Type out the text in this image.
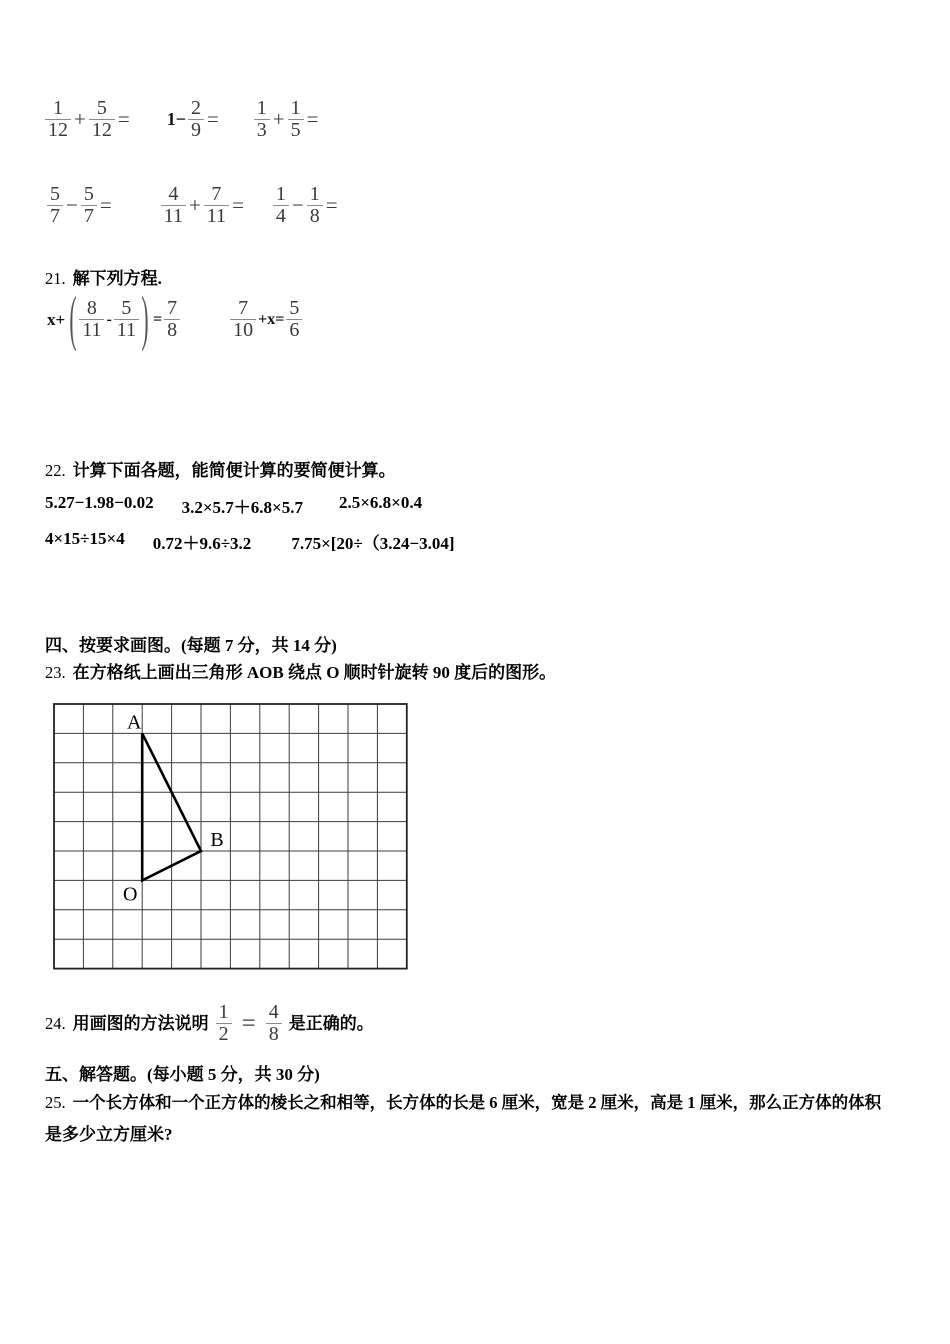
$\frac{1}{12} + \frac{5}{12} = 1- \frac{2}{9} = \frac{1}{3} + \frac{1}{5}$ =
$\frac{5}{7} - \frac{5}{7} = \frac{4}{11} + \frac{7}{11} = \frac{1}{4} - \frac{1}{8}$ =
21. 解下列方程.
x+ ( $\frac{8}{11} - \frac{5}{11}$ ) = $\frac{7}{8}$
	$\frac{7}{10} +x= \frac{5}{6}$
22. 计算下面各题，能简便计算的要简便计算。
5.27−1.98−0.02 3.2×5.7＋6.8×5.7 2.5×6.8×0.4
4×15÷15×4 0.72＋9.6÷3.2 7.75×[20÷（3.24−3.04]
四、按要求画图。(每题 7 分，共 14 分)
23. 在方格纸上画出三角形 AOB 绕点 O 顺时针旋转 90 度后的图形。
A
B
O
24. 用画图的方法说明 $\frac{1}{2} = \frac{4}{8}$ 是正确的。
五、解答题。(每小题 5 分，共 30 分)
25. 一个长方体和一个正方体的棱长之和相等，长方体的长是 6 厘米，宽是 2 厘米，高是 1 厘米，那么正方体的体积
是多少立方厘米?
